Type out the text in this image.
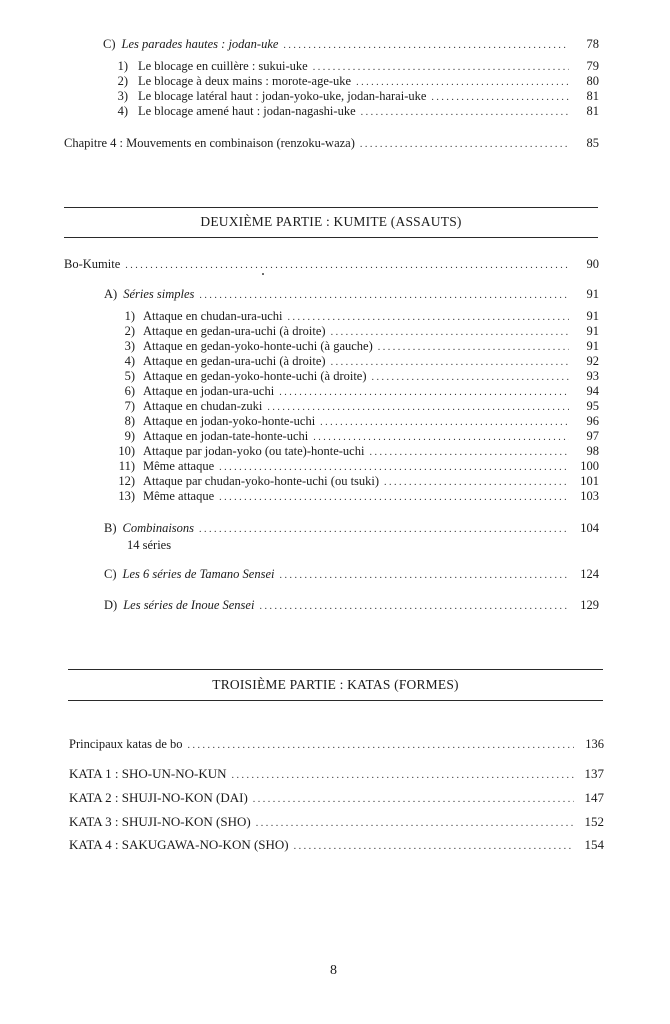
C) Les parades hautes : jodan-uke . . .	78
1) Le blocage en cuillère : sukui-uke . . .	79
2) Le blocage à deux mains : morote-age-uke . . .	80
3) Le blocage latéral haut : jodan-yoko-uke, jodan-harai-uke . . .	81
4) Le blocage amené haut : jodan-nagashi-uke . . .	81
Chapitre 4 : Mouvements en combinaison (renzoku-waza) . . .	85
DEUXIÈME PARTIE : KUMITE (ASSAUTS)
Bo-Kumite . . .	90
A) Séries simples . . .	91
1) Attaque en chudan-ura-uchi . . .	91
2) Attaque en gedan-ura-uchi (à droite) . . .	91
3) Attaque en gedan-yoko-honte-uchi (à gauche) . . .	91
4) Attaque en gedan-ura-uchi (à droite) . . .	92
5) Attaque en gedan-yoko-honte-uchi (à droite) . . .	93
6) Attaque en jodan-ura-uchi . . .	94
7) Attaque en chudan-zuki . . .	95
8) Attaque en jodan-yoko-honte-uchi . . .	96
9) Attaque en jodan-tate-honte-uchi . . .	97
10) Attaque par jodan-yoko (ou tate)-honte-uchi . . .	98
11) Même attaque . . .	100
12) Attaque par chudan-yoko-honte-uchi (ou tsuki) . . .	101
13) Même attaque . . .	103
B) Combinaisons . . .	104
14 séries
C) Les 6 séries de Tamano Sensei . . .	124
D) Les séries de Inoue Sensei . . .	129
TROISIÈME PARTIE : KATAS (FORMES)
Principaux katas de bo . . .	136
KATA 1 : SHO-UN-NO-KUN . . .	137
KATA 2 : SHUJI-NO-KON (DAI) . . .	147
KATA 3 : SHUJI-NO-KON (SHO) . . .	152
KATA 4 : SAKUGAWA-NO-KON (SHO) . . .	154
8
